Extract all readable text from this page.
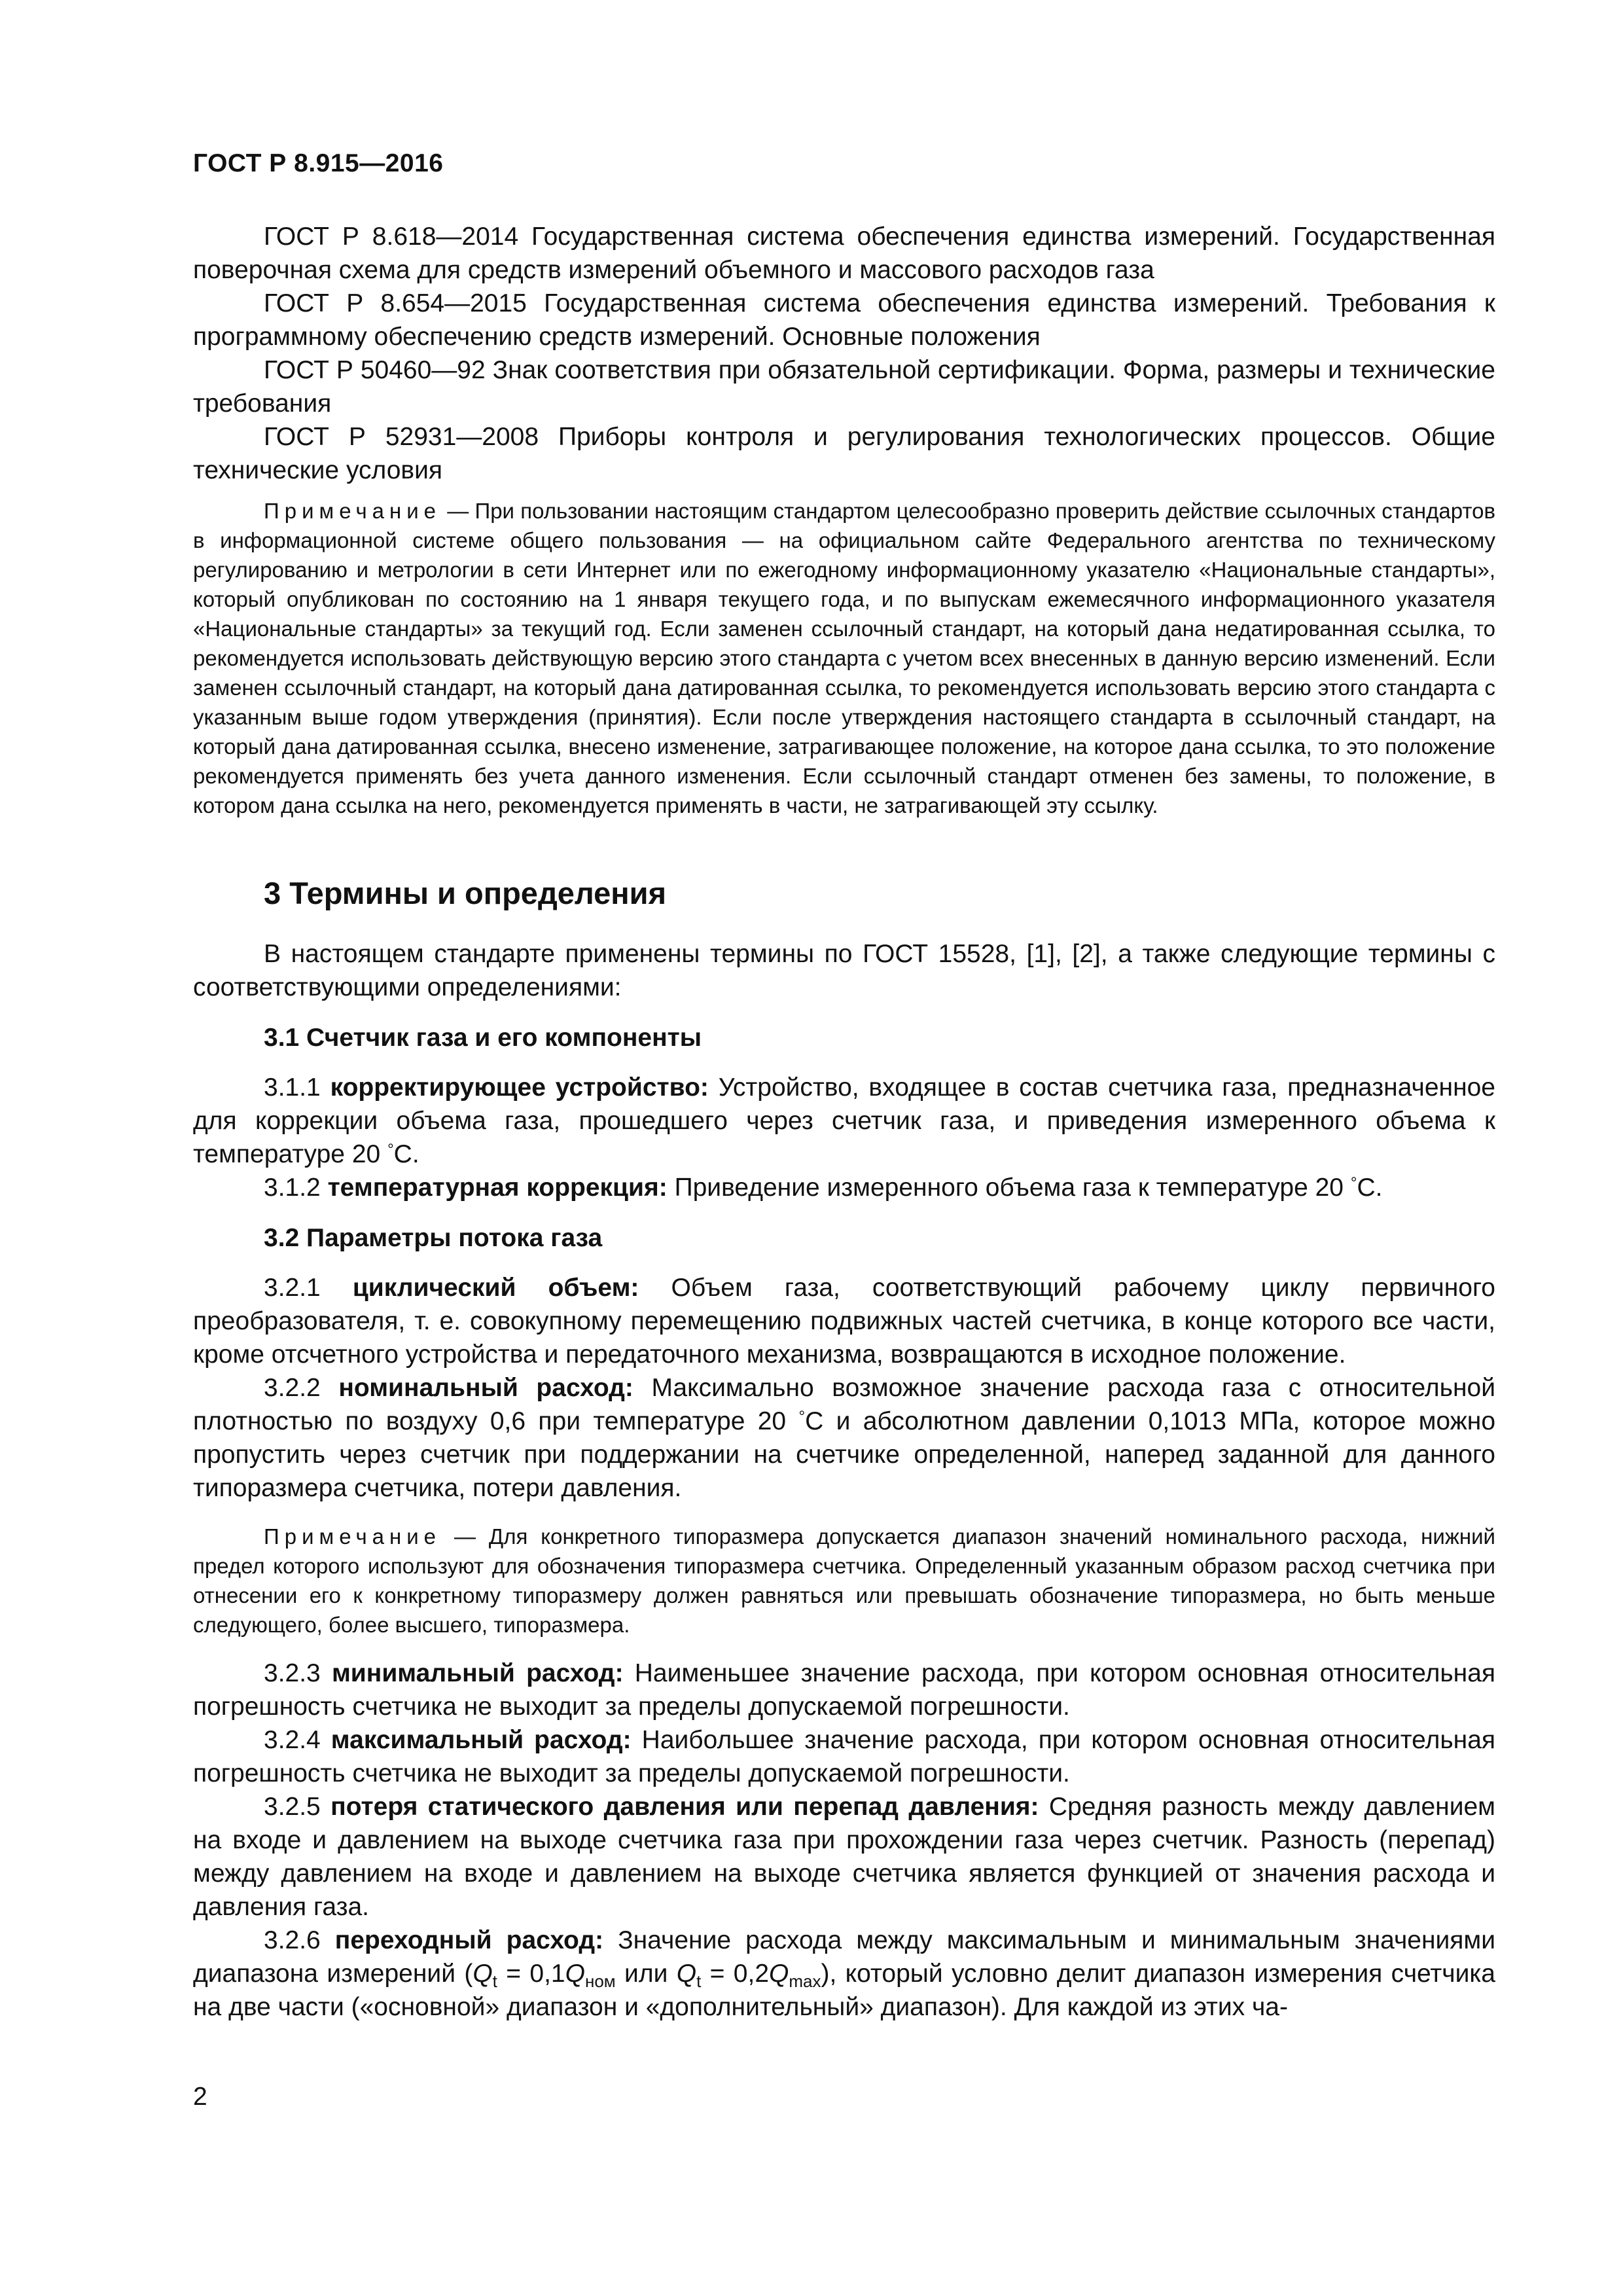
ГОСТ Р 8.915—2016

ГОСТ Р 8.618—2014 Государственная система обеспечения единства измерений. Государственная поверочная схема для средств измерений объемного и массового расходов газа

ГОСТ Р 8.654—2015 Государственная система обеспечения единства измерений. Требования к программному обеспечению средств измерений. Основные положения

ГОСТ Р 50460—92 Знак соответствия при обязательной сертификации. Форма, размеры и технические требования

ГОСТ Р 52931—2008 Приборы контроля и регулирования технологических процессов. Общие технические условия

Примечание — При пользовании настоящим стандартом целесообразно проверить действие ссылочных стандартов в информационной системе общего пользования — на официальном сайте Федерального агентства по техническому регулированию и метрологии в сети Интернет или по ежегодному информационному указателю «Национальные стандарты», который опубликован по состоянию на 1 января текущего года, и по выпускам ежемесячного информационного указателя «Национальные стандарты» за текущий год. Если заменен ссылочный стандарт, на который дана недатированная ссылка, то рекомендуется использовать действующую версию этого стандарта с учетом всех внесенных в данную версию изменений. Если заменен ссылочный стандарт, на который дана датированная ссылка, то рекомендуется использовать версию этого стандарта с указанным выше годом утверждения (принятия). Если после утверждения настоящего стандарта в ссылочный стандарт, на который дана датированная ссылка, внесено изменение, затрагивающее положение, на которое дана ссылка, то это положение рекомендуется применять без учета данного изменения. Если ссылочный стандарт отменен без замены, то положение, в котором дана ссылка на него, рекомендуется применять в части, не затрагивающей эту ссылку.

3 Термины и определения

В настоящем стандарте применены термины по ГОСТ 15528, [1], [2], а также следующие термины с соответствующими определениями:

3.1 Счетчик газа и его компоненты

3.1.1 корректирующее устройство: Устройство, входящее в состав счетчика газа, предназначенное для коррекции объема газа, прошедшего через счетчик газа, и приведения измеренного объема к температуре 20 °С.

3.1.2 температурная коррекция: Приведение измеренного объема газа к температуре 20 °С.

3.2 Параметры потока газа

3.2.1 циклический объем: Объем газа, соответствующий рабочему циклу первичного преобразователя, т. е. совокупному перемещению подвижных частей счетчика, в конце которого все части, кроме отсчетного устройства и передаточного механизма, возвращаются в исходное положение.

3.2.2 номинальный расход: Максимально возможное значение расхода газа с относительной плотностью по воздуху 0,6 при температуре 20 °С и абсолютном давлении 0,1013 МПа, которое можно пропустить через счетчик при поддержании на счетчике определенной, наперед заданной для данного типоразмера счетчика, потери давления.

Примечание — Для конкретного типоразмера допускается диапазон значений номинального расхода, нижний предел которого используют для обозначения типоразмера счетчика. Определенный указанным образом расход счетчика при отнесении его к конкретному типоразмеру должен равняться или превышать обозначение типоразмера, но быть меньше следующего, более высшего, типоразмера.

3.2.3 минимальный расход: Наименьшее значение расхода, при котором основная относительная погрешность счетчика не выходит за пределы допускаемой погрешности.

3.2.4 максимальный расход: Наибольшее значение расхода, при котором основная относительная погрешность счетчика не выходит за пределы допускаемой погрешности.

3.2.5 потеря статического давления или перепад давления: Средняя разность между давлением на входе и давлением на выходе счетчика газа при прохождении газа через счетчик. Разность (перепад) между давлением на входе и давлением на выходе счетчика является функцией от значения расхода и давления газа.

3.2.6 переходный расход: Значение расхода между максимальным и минимальным значениями диапазона измерений ($Q_t = 0,1Q_{ном}$ или $Q_t = 0,2Q_{max}$), который условно делит диапазон измерения счетчика на две части («основной» диапазон и «дополнительный» диапазон). Для каждой из этих ча-

2
